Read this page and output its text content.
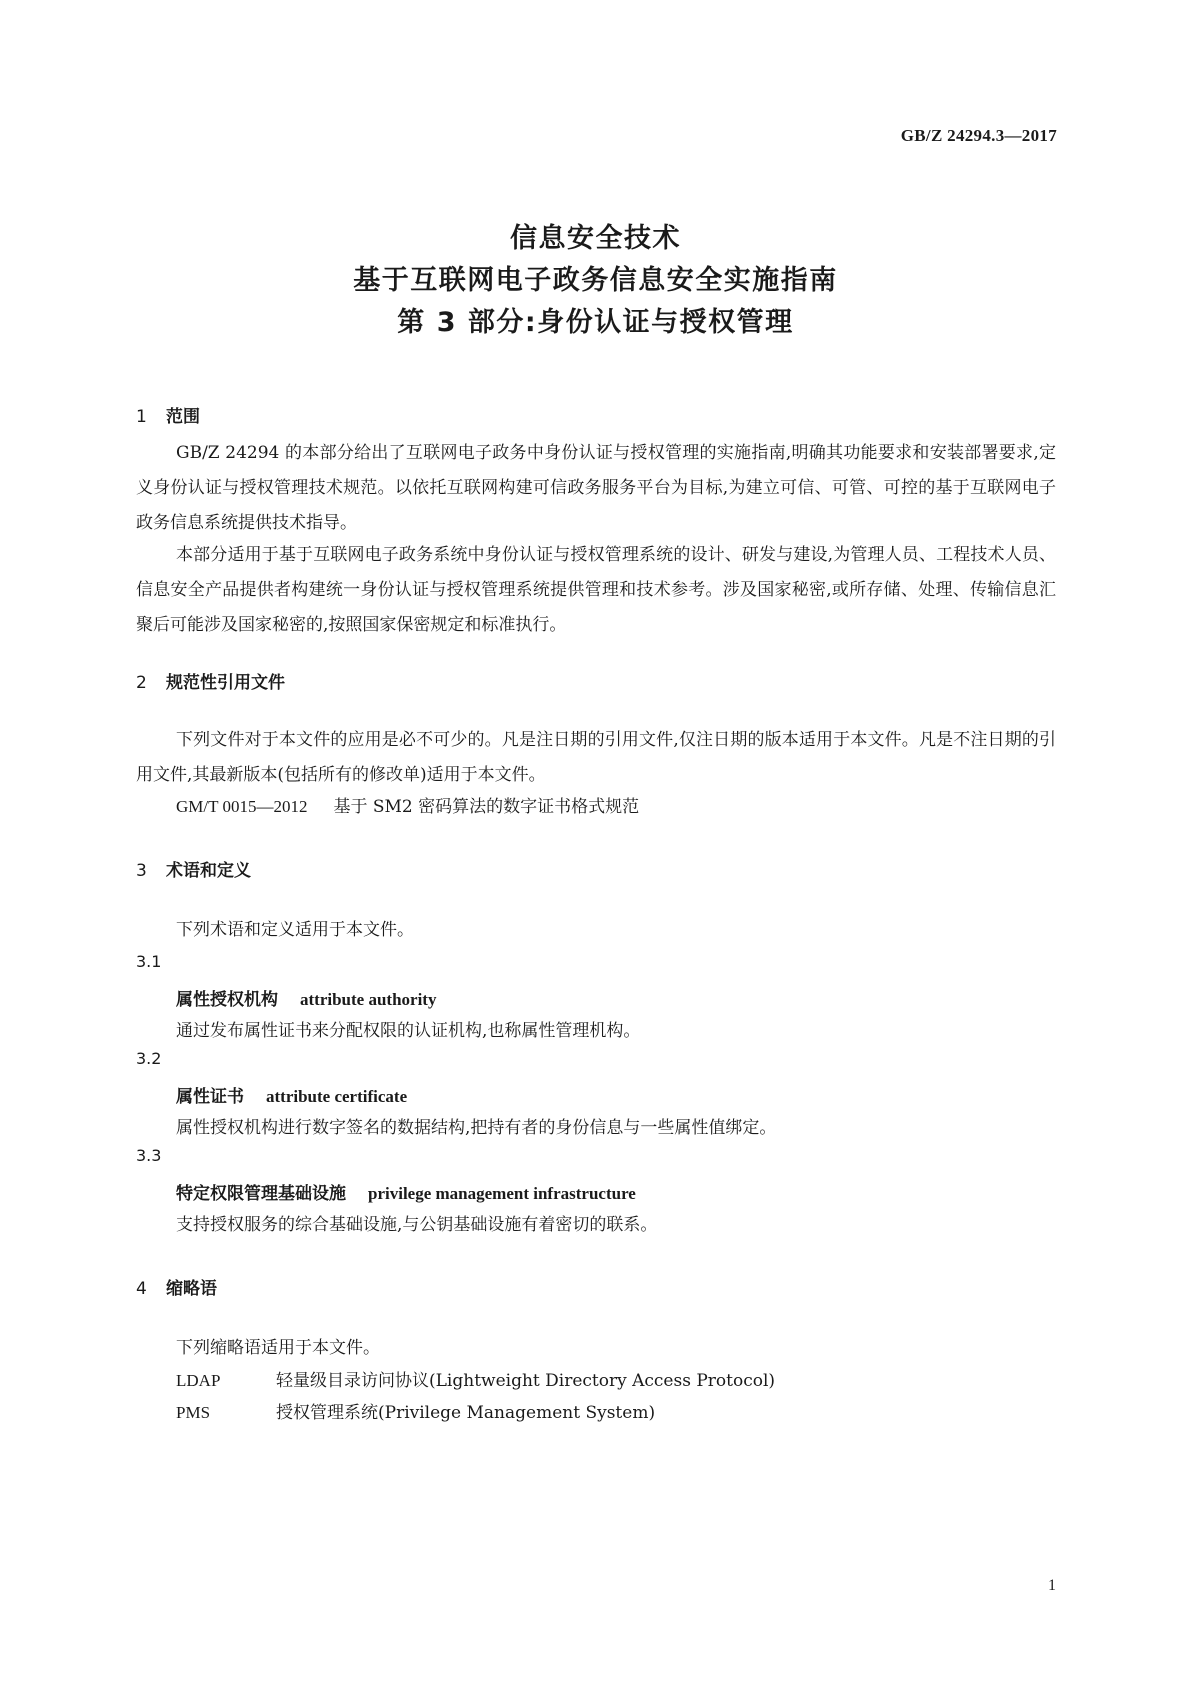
GB/Z 24294.3—2017
信息安全技术
基于互联网电子政务信息安全实施指南
第 3 部分:身份认证与授权管理
1 范围
GB/Z 24294 的本部分给出了互联网电子政务中身份认证与授权管理的实施指南,明确其功能要求和安装部署要求,定义身份认证与授权管理技术规范。以依托互联网构建可信政务服务平台为目标,为建立可信、可管、可控的基于互联网电子政务信息系统提供技术指导。
本部分适用于基于互联网电子政务系统中身份认证与授权管理系统的设计、研发与建设,为管理人员、工程技术人员、信息安全产品提供者构建统一身份认证与授权管理系统提供管理和技术参考。涉及国家秘密,或所存储、处理、传输信息汇聚后可能涉及国家秘密的,按照国家保密规定和标准执行。
2 规范性引用文件
下列文件对于本文件的应用是必不可少的。凡是注日期的引用文件,仅注日期的版本适用于本文件。凡是不注日期的引用文件,其最新版本(包括所有的修改单)适用于本文件。
GM/T 0015—2012 基于 SM2 密码算法的数字证书格式规范
3 术语和定义
下列术语和定义适用于本文件。
3.1
属性授权机构 attribute authority
通过发布属性证书来分配权限的认证机构,也称属性管理机构。
3.2
属性证书 attribute certificate
属性授权机构进行数字签名的数据结构,把持有者的身份信息与一些属性值绑定。
3.3
特定权限管理基础设施 privilege management infrastructure
支持授权服务的综合基础设施,与公钥基础设施有着密切的联系。
4 缩略语
下列缩略语适用于本文件。
LDAP	轻量级目录访问协议(Lightweight Directory Access Protocol)
PMS	授权管理系统(Privilege Management System)
1
